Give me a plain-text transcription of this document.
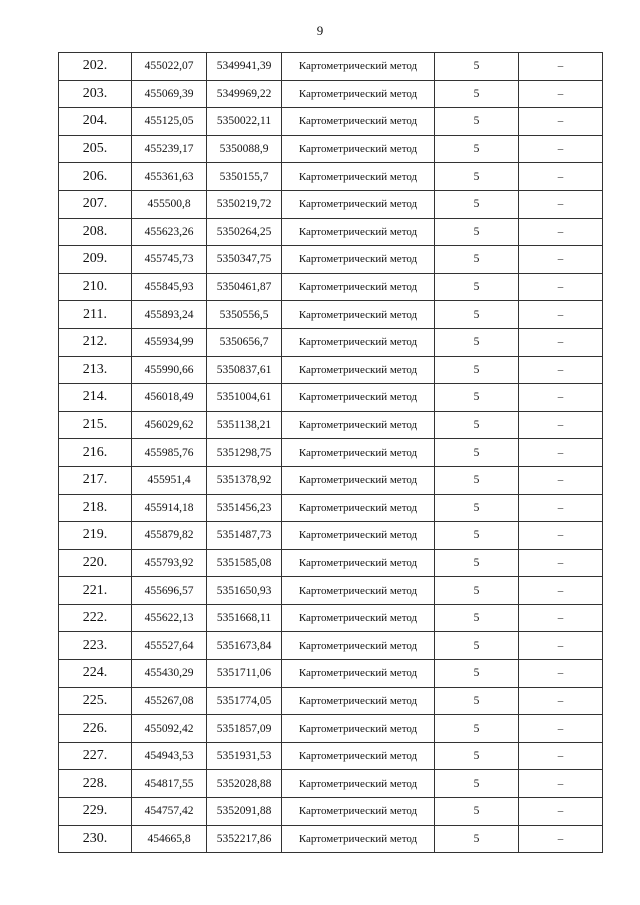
9
202.	455022,07	5349941,39	Картометрический метод	5	–
203.	455069,39	5349969,22	Картометрический метод	5	–
204.	455125,05	5350022,11	Картометрический метод	5	–
205.	455239,17	5350088,9	Картометрический метод	5	–
206.	455361,63	5350155,7	Картометрический метод	5	–
207.	455500,8	5350219,72	Картометрический метод	5	–
208.	455623,26	5350264,25	Картометрический метод	5	–
209.	455745,73	5350347,75	Картометрический метод	5	–
210.	455845,93	5350461,87	Картометрический метод	5	–
211.	455893,24	5350556,5	Картометрический метод	5	–
212.	455934,99	5350656,7	Картометрический метод	5	–
213.	455990,66	5350837,61	Картометрический метод	5	–
214.	456018,49	5351004,61	Картометрический метод	5	–
215.	456029,62	5351138,21	Картометрический метод	5	–
216.	455985,76	5351298,75	Картометрический метод	5	–
217.	455951,4	5351378,92	Картометрический метод	5	–
218.	455914,18	5351456,23	Картометрический метод	5	–
219.	455879,82	5351487,73	Картометрический метод	5	–
220.	455793,92	5351585,08	Картометрический метод	5	–
221.	455696,57	5351650,93	Картометрический метод	5	–
222.	455622,13	5351668,11	Картометрический метод	5	–
223.	455527,64	5351673,84	Картометрический метод	5	–
224.	455430,29	5351711,06	Картометрический метод	5	–
225.	455267,08	5351774,05	Картометрический метод	5	–
226.	455092,42	5351857,09	Картометрический метод	5	–
227.	454943,53	5351931,53	Картометрический метод	5	–
228.	454817,55	5352028,88	Картометрический метод	5	–
229.	454757,42	5352091,88	Картометрический метод	5	–
230.	454665,8	5352217,86	Картометрический метод	5	–
